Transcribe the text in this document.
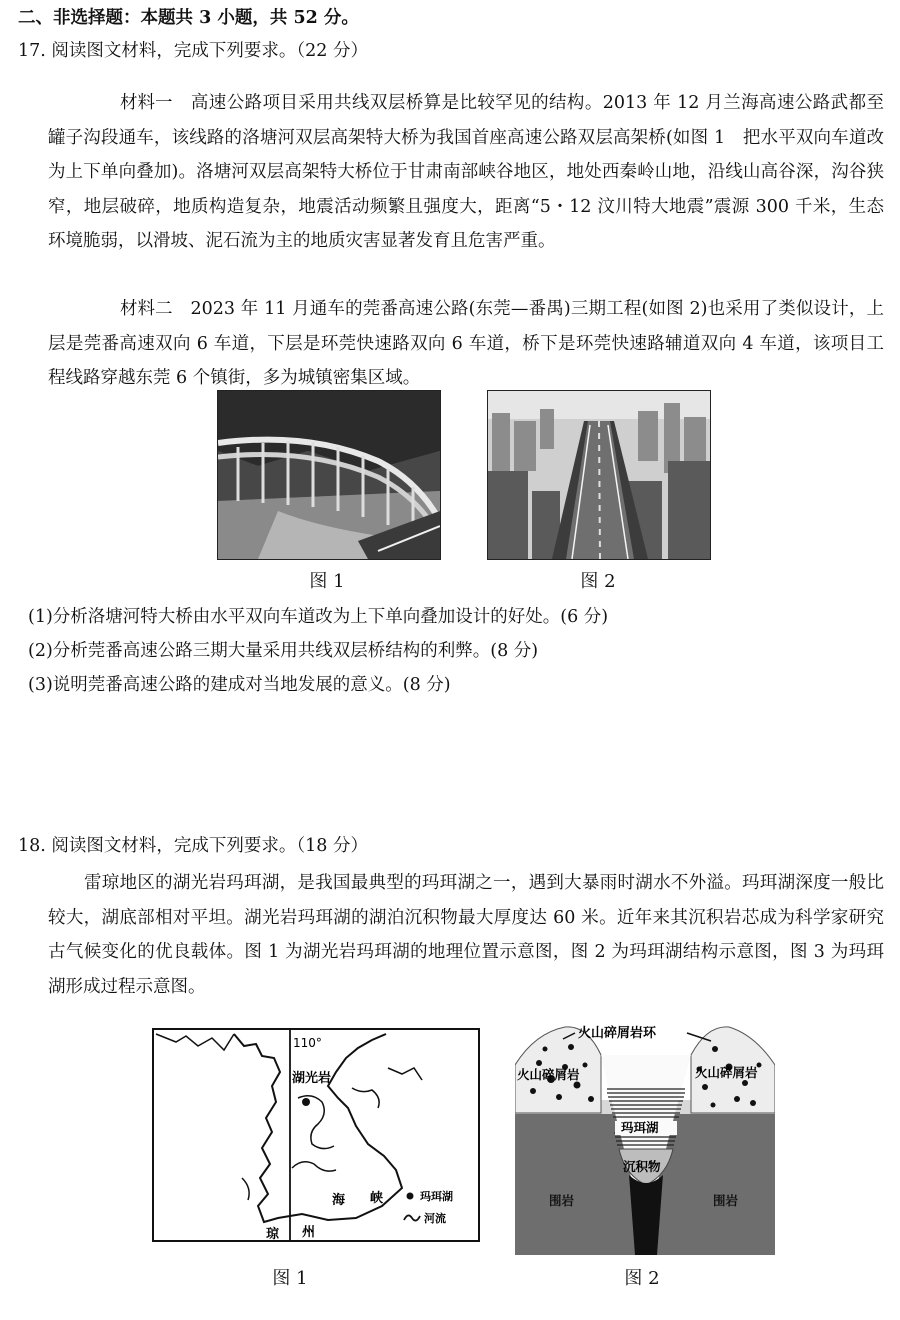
二、非选择题：本题共 3 小题，共 52 分。
17. 阅读图文材料，完成下列要求。（22 分）
材料一 高速公路项目采用共线双层桥算是比较罕见的结构。2013 年 12 月兰海高速公路武都至罐子沟段通车，该线路的洛塘河双层高架特大桥为我国首座高速公路双层高架桥(如图 1　把水平双向车道改为上下单向叠加)。洛塘河双层高架特大桥位于甘肃南部峡谷地区，地处西秦岭山地，沿线山高谷深，沟谷狭窄，地层破碎，地质构造复杂，地震活动频繁且强度大，距离“5・12 汶川特大地震”震源 300 千米，生态环境脆弱，以滑坡、泥石流为主的地质灾害显著发育且危害严重。
材料二 2023 年 11 月通车的莞番高速公路(东莞—番禺)三期工程(如图 2)也采用了类似设计，上层是莞番高速双向 6 车道，下层是环莞快速路双向 6 车道，桥下是环莞快速路辅道双向 4 车道，该项目工程线路穿越东莞 6 个镇街，多为城镇密集区域。
图 1	图 2
(1)分析洛塘河特大桥由水平双向车道改为上下单向叠加设计的好处。(6 分)
(2)分析莞番高速公路三期大量采用共线双层桥结构的利弊。(8 分)
(3)说明莞番高速公路的建成对当地发展的意义。(8 分)
18. 阅读图文材料，完成下列要求。（18 分）
雷琼地区的湖光岩玛珥湖，是我国最典型的玛珥湖之一，遇到大暴雨时湖水不外溢。玛珥湖深度一般比较大，湖底部相对平坦。湖光岩玛珥湖的湖泊沉积物最大厚度达 60 米。近年来其沉积岩芯成为科学家研究古气候变化的优良载体。图 1 为湖光岩玛珥湖的地理位置示意图，图 2 为玛珥湖结构示意图，图 3 为玛珥湖形成过程示意图。
110°
湖光岩
琼 州
海 峡	玛珥湖
河流
火山碎屑岩环
火山碎屑岩	火山碎屑岩
玛珥湖
沉积物
围岩	围岩
图 1	图 2
